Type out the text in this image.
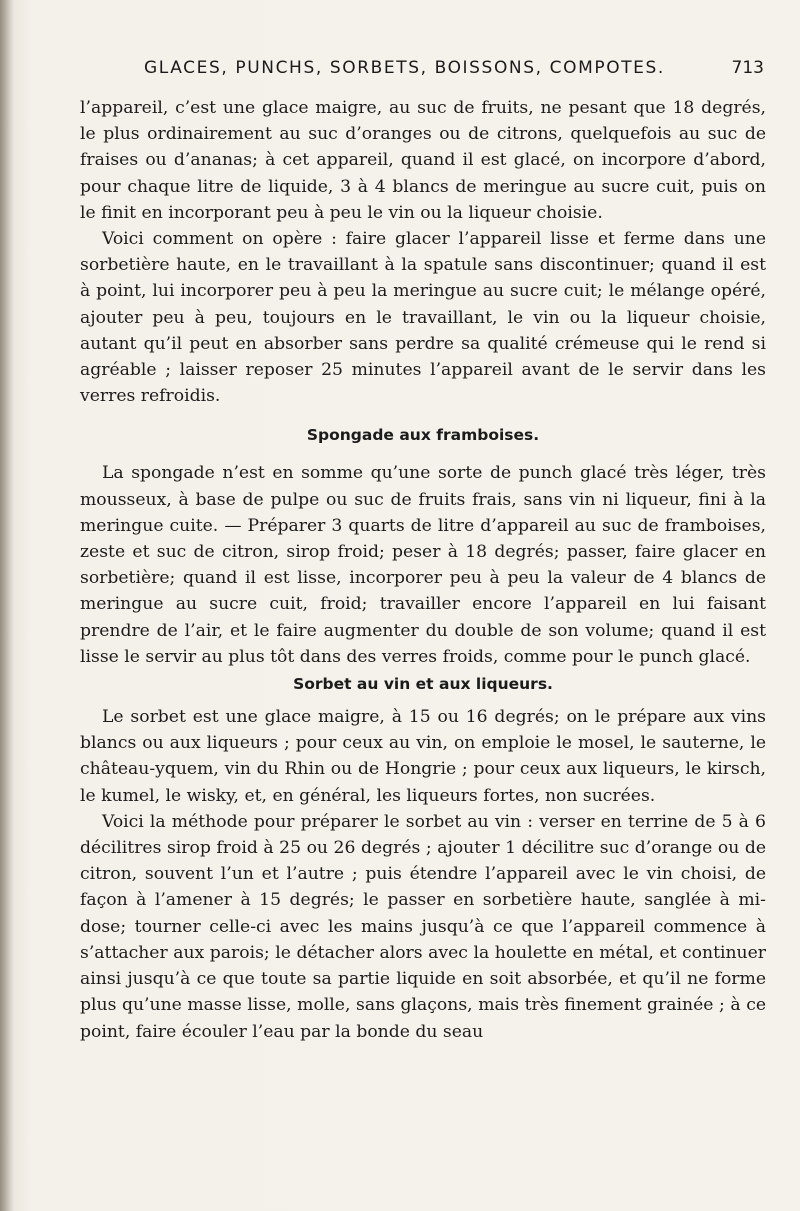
GLACES, PUNCHS, SORBETS, BOISSONS, COMPOTES.	713

l’appareil, c’est une glace maigre, au suc de fruits, ne pesant que 18 degrés, le plus ordinairement au suc d’oranges ou de citrons, quelquefois au suc de fraises ou d’ananas; à cet appareil, quand il est glacé, on incorpore d’abord, pour chaque litre de liquide, 3 à 4 blancs de meringue au sucre cuit, puis on le finit en incorporant peu à peu le vin ou la liqueur choisie.

Voici comment on opère : faire glacer l’appareil lisse et ferme dans une sorbetière haute, en le travaillant à la spatule sans discontinuer; quand il est à point, lui incorporer peu à peu la meringue au sucre cuit; le mélange opéré, ajouter peu à peu, toujours en le travaillant, le vin ou la liqueur choisie, autant qu’il peut en absorber sans perdre sa qualité crémeuse qui le rend si agréable ; laisser reposer 25 minutes l’appareil avant de le servir dans les verres refroidis.

Spongade aux framboises.

La spongade n’est en somme qu’une sorte de punch glacé très léger, très mousseux, à base de pulpe ou suc de fruits frais, sans vin ni liqueur, fini à la meringue cuite. — Préparer 3 quarts de litre d’appareil au suc de framboises, zeste et suc de citron, sirop froid; peser à 18 degrés; passer, faire glacer en sorbetière; quand il est lisse, incorporer peu à peu la valeur de 4 blancs de meringue au sucre cuit, froid; travailler encore l’appareil en lui faisant prendre de l’air, et le faire augmenter du double de son volume; quand il est lisse le servir au plus tôt dans des verres froids, comme pour le punch glacé.

Sorbet au vin et aux liqueurs.

Le sorbet est une glace maigre, à 15 ou 16 degrés; on le prépare aux vins blancs ou aux liqueurs ; pour ceux au vin, on emploie le mosel, le sauterne, le château-yquem, vin du Rhin ou de Hongrie ; pour ceux aux liqueurs, le kirsch, le kumel, le wisky, et, en général, les liqueurs fortes, non sucrées.

Voici la méthode pour préparer le sorbet au vin : verser en terrine de 5 à 6 décilitres sirop froid à 25 ou 26 degrés ; ajouter 1 décilitre suc d’orange ou de citron, souvent l’un et l’autre ; puis étendre l’appareil avec le vin choisi, de façon à l’amener à 15 degrés; le passer en sorbetière haute, sanglée à mi-dose; tourner celle-ci avec les mains jusqu’à ce que l’appareil commence à s’attacher aux parois; le détacher alors avec la houlette en métal, et continuer ainsi jusqu’à ce que toute sa partie liquide en soit absorbée, et qu’il ne forme plus qu’une masse lisse, molle, sans glaçons, mais très finement grainée ; à ce point, faire écouler l’eau par la bonde du seau
